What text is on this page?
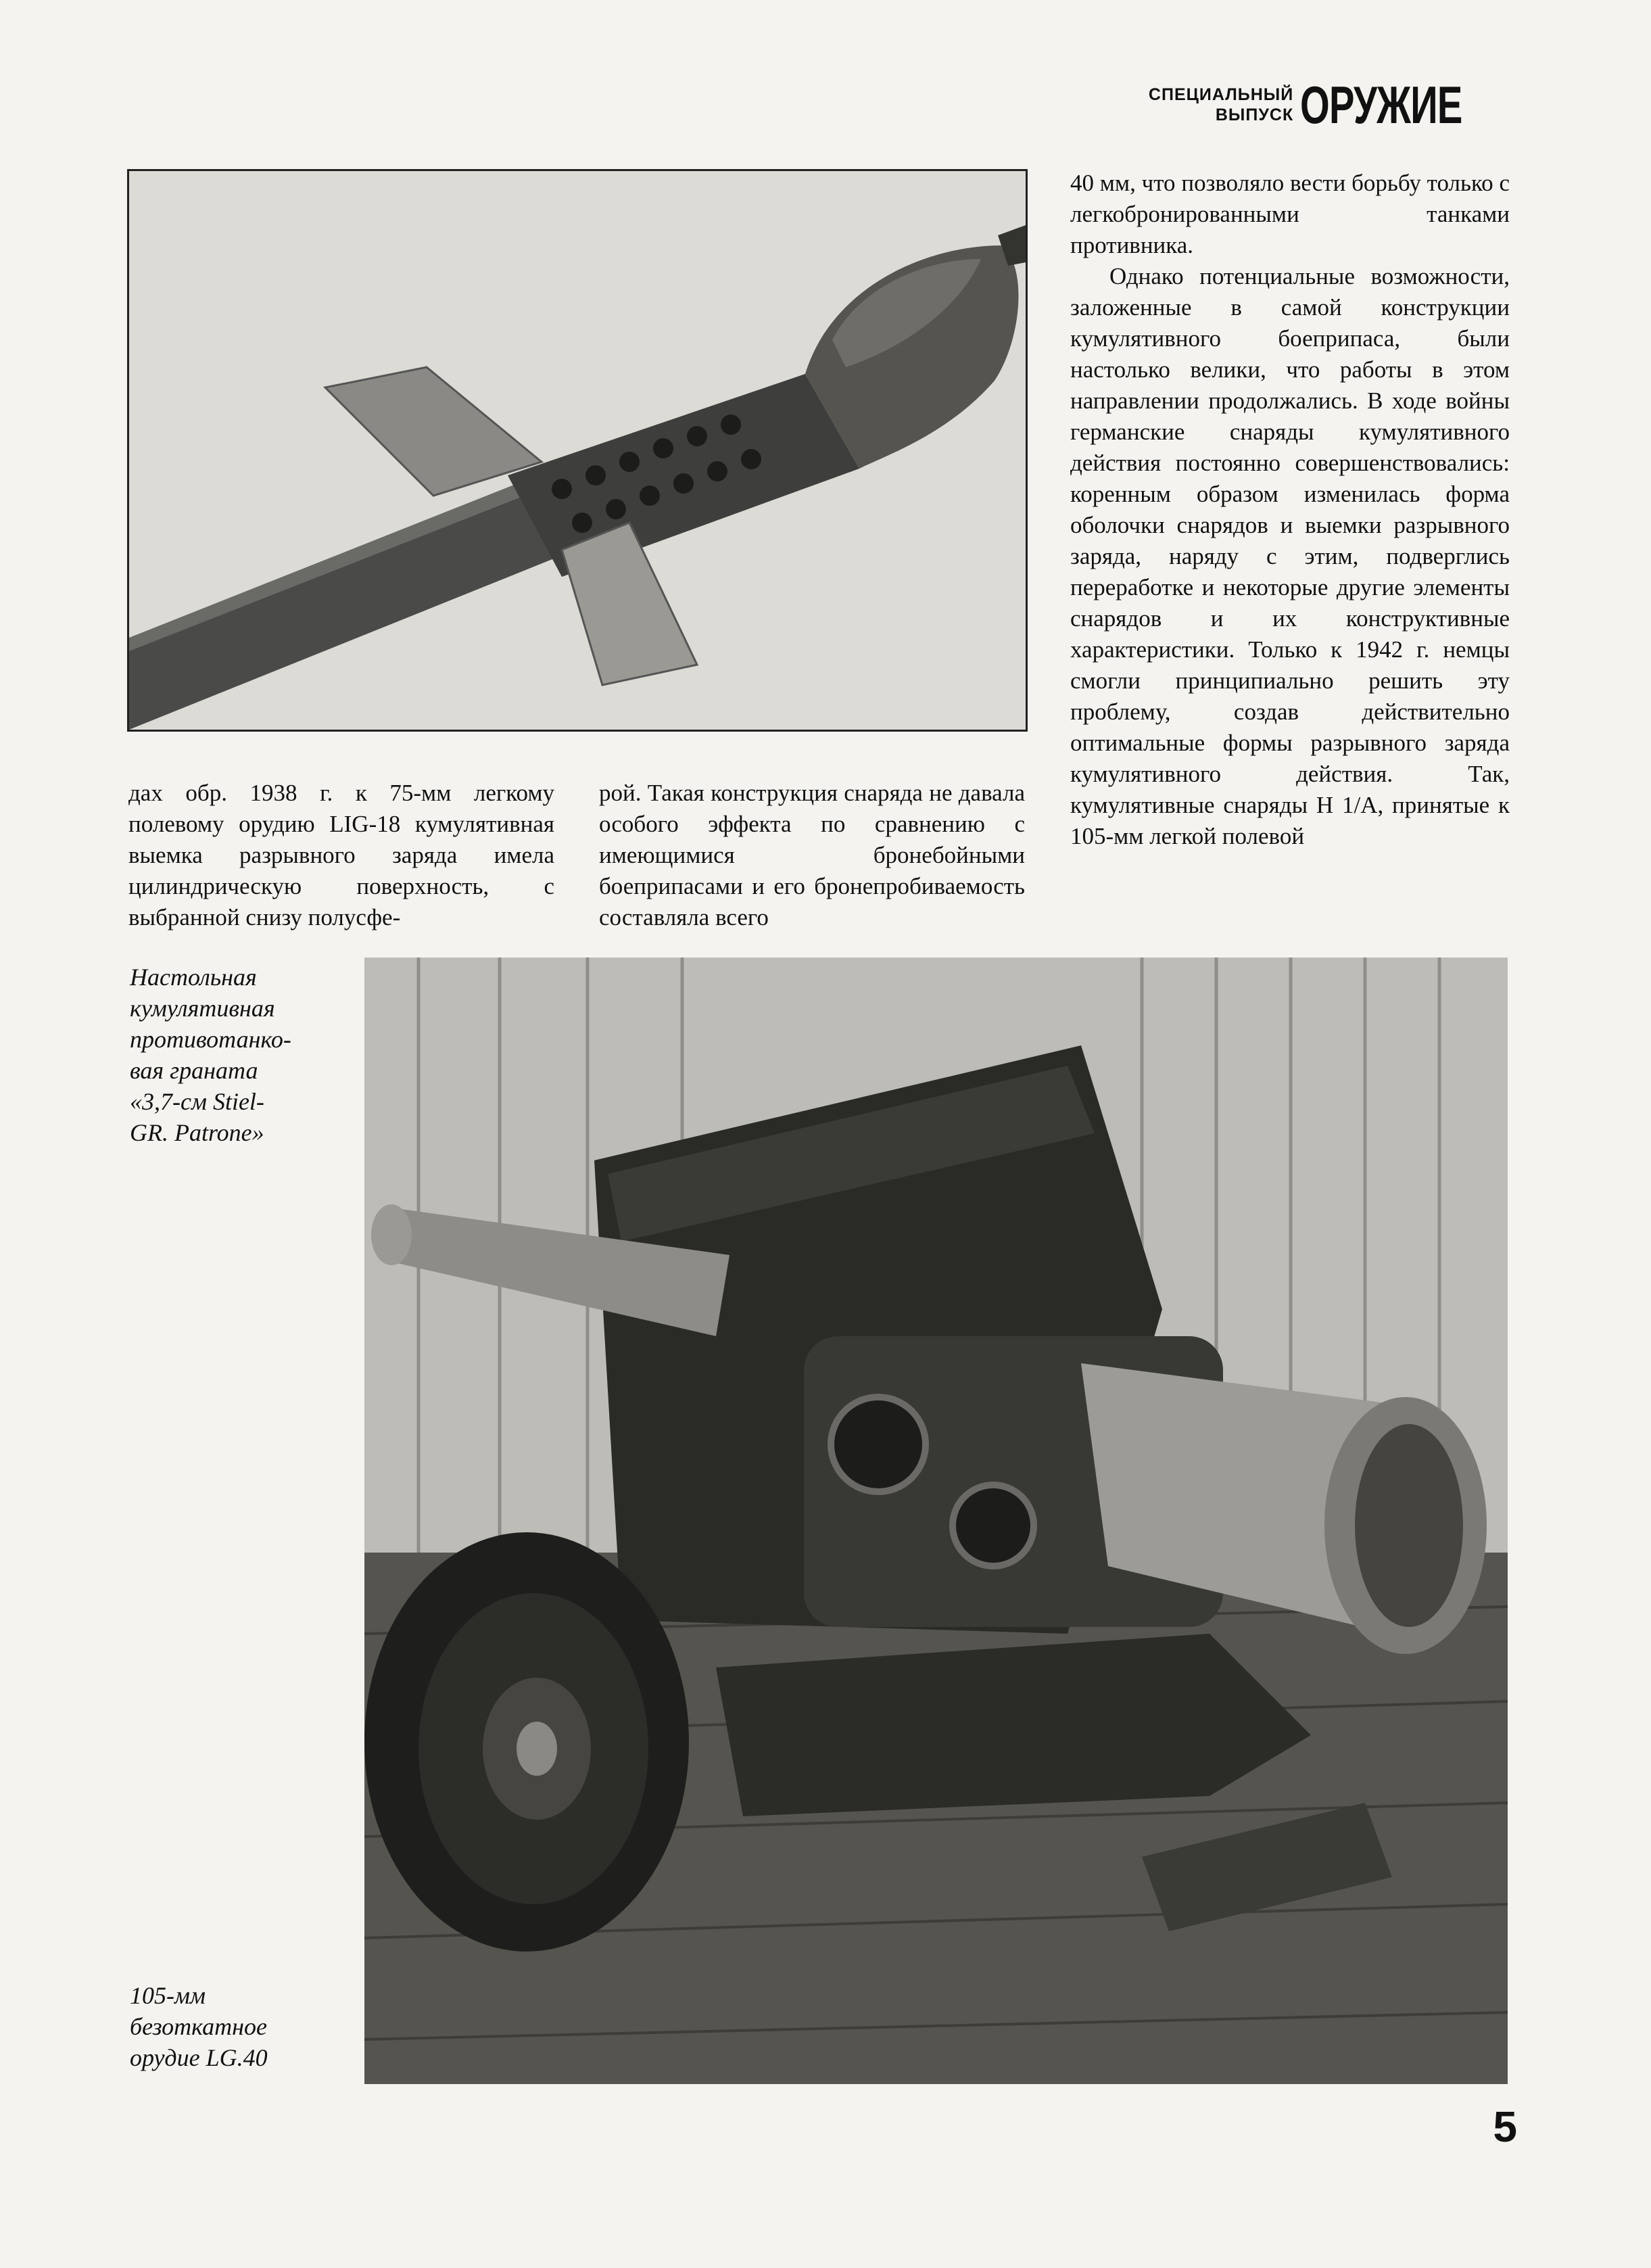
СПЕЦИАЛЬНЫЙ
ВЫПУСК ОРУЖИЕ

40 мм, что позволяло вести борьбу только с легкобронированными танками противника.

Однако потенциальные возможности, заложенные в самой конструкции кумулятивного боеприпаса, были настолько велики, что работы в этом направлении продолжались. В ходе войны германские снаряды кумулятивного действия постоянно совершенствовались: коренным образом изменилась форма оболочки снарядов и выемки разрывного заряда, наряду с этим, подверглись переработке и некоторые другие элементы снарядов и их конструктивные характеристики. Только к 1942 г. немцы смогли принципиально решить эту проблему, создав действительно оптимальные формы разрывного заряда кумулятивного действия. Так, кумулятивные снаряды Н 1/А, принятые к 105-мм легкой полевой

дах обр. 1938 г. к 75-мм легкому полевому орудию LIG-18 кумулятивная выемка разрывного заряда имела цилиндрическую поверхность, с выбранной снизу полусфе-

рой. Такая конструкция снаряда не давала особого эффекта по сравнению с имеющимися бронебойными боеприпасами и его бронепробиваемость составляла всего

Настольная
кумулятивная
противотанко-
вая граната
«3,7-см Stiel-
GR. Patrone»
105-мм
безоткатное
орудие LG.40
5
